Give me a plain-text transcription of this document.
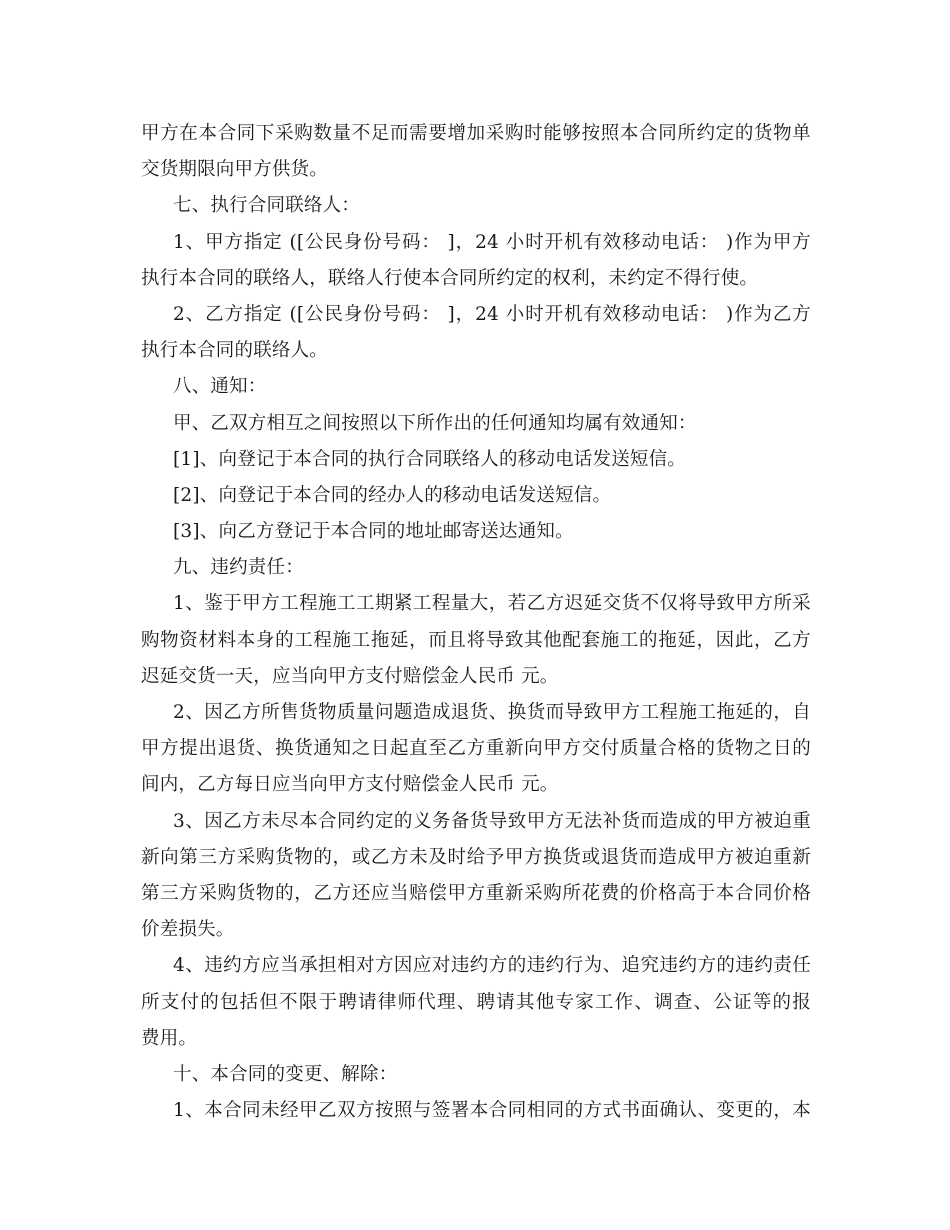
甲方在本合同下采购数量不足而需要增加采购时能够按照本合同所约定的货物单
交货期限向甲方供货。
七、执行合同联络人：
1、甲方指定 ([公民身份号码： ]，24 小时开机有效移动电话： )作为甲方
执行本合同的联络人，联络人行使本合同所约定的权利，未约定不得行使。
2、乙方指定 ([公民身份号码： ]，24 小时开机有效移动电话： )作为乙方
执行本合同的联络人。
八、通知：
甲、乙双方相互之间按照以下所作出的任何通知均属有效通知：
[1]、向登记于本合同的执行合同联络人的移动电话发送短信。
[2]、向登记于本合同的经办人的移动电话发送短信。
[3]、向乙方登记于本合同的地址邮寄送达通知。
九、违约责任：
1、鉴于甲方工程施工工期紧工程量大，若乙方迟延交货不仅将导致甲方所采
购物资材料本身的工程施工拖延，而且将导致其他配套施工的拖延，因此，乙方
迟延交货一天，应当向甲方支付赔偿金人民币 元。
2、因乙方所售货物质量问题造成退货、换货而导致甲方工程施工拖延的，自
甲方提出退货、换货通知之日起直至乙方重新向甲方交付质量合格的货物之日的
间内，乙方每日应当向甲方支付赔偿金人民币 元。
3、因乙方未尽本合同约定的义务备货导致甲方无法补货而造成的甲方被迫重
新向第三方采购货物的，或乙方未及时给予甲方换货或退货而造成甲方被迫重新
第三方采购货物的，乙方还应当赔偿甲方重新采购所花费的价格高于本合同价格
价差损失。
4、违约方应当承担相对方因应对违约方的违约行为、追究违约方的违约责任
所支付的包括但不限于聘请律师代理、聘请其他专家工作、调查、公证等的报
费用。
十、本合同的变更、解除：
1、本合同未经甲乙双方按照与签署本合同相同的方式书面确认、变更的，本
